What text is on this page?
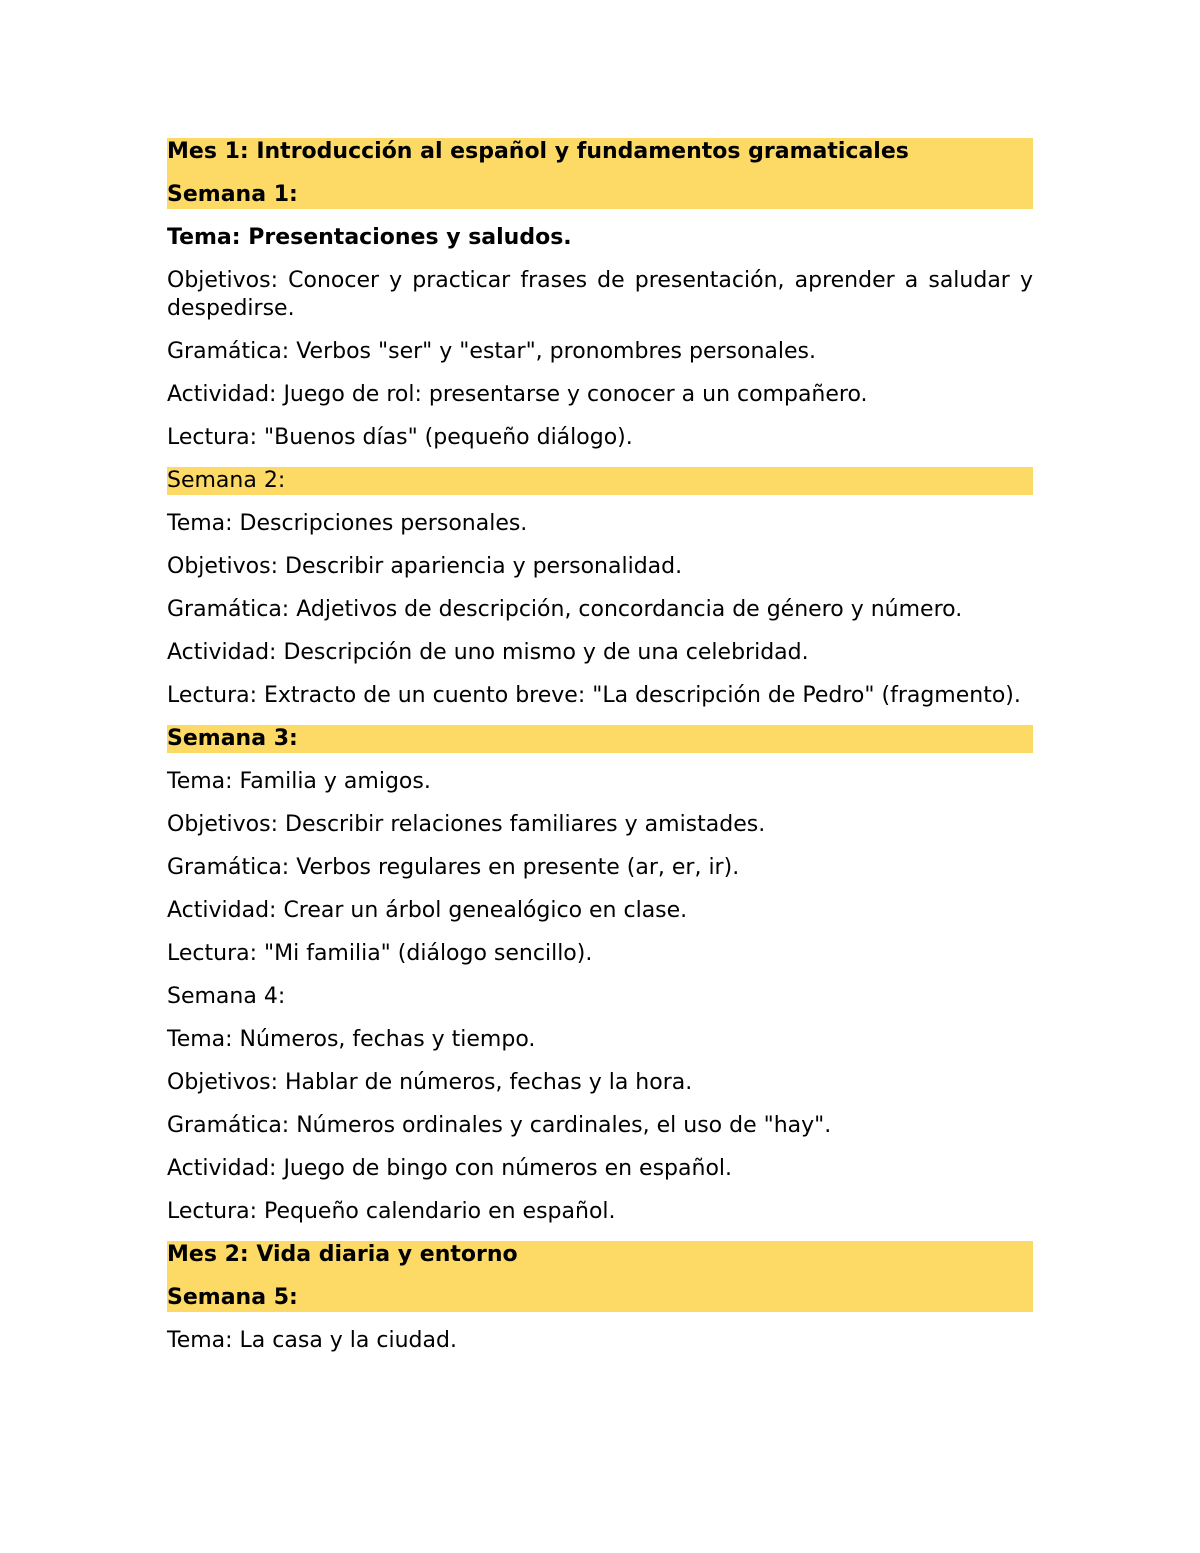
Mes 1: Introducción al español y fundamentos gramaticales
Semana 1:
Tema: Presentaciones y saludos.
Objetivos: Conocer y practicar frases de presentación, aprender a saludar y despedirse.
Gramática: Verbos "ser" y "estar", pronombres personales.
Actividad: Juego de rol: presentarse y conocer a un compañero.
Lectura: "Buenos días" (pequeño diálogo).
Semana 2:
Tema: Descripciones personales.
Objetivos: Describir apariencia y personalidad.
Gramática: Adjetivos de descripción, concordancia de género y número.
Actividad: Descripción de uno mismo y de una celebridad.
Lectura: Extracto de un cuento breve: "La descripción de Pedro" (fragmento).
Semana 3:
Tema: Familia y amigos.
Objetivos: Describir relaciones familiares y amistades.
Gramática: Verbos regulares en presente (ar, er, ir).
Actividad: Crear un árbol genealógico en clase.
Lectura: "Mi familia" (diálogo sencillo).
Semana 4:
Tema: Números, fechas y tiempo.
Objetivos: Hablar de números, fechas y la hora.
Gramática: Números ordinales y cardinales, el uso de "hay".
Actividad: Juego de bingo con números en español.
Lectura: Pequeño calendario en español.
Mes 2: Vida diaria y entorno
Semana 5:
Tema: La casa y la ciudad.
